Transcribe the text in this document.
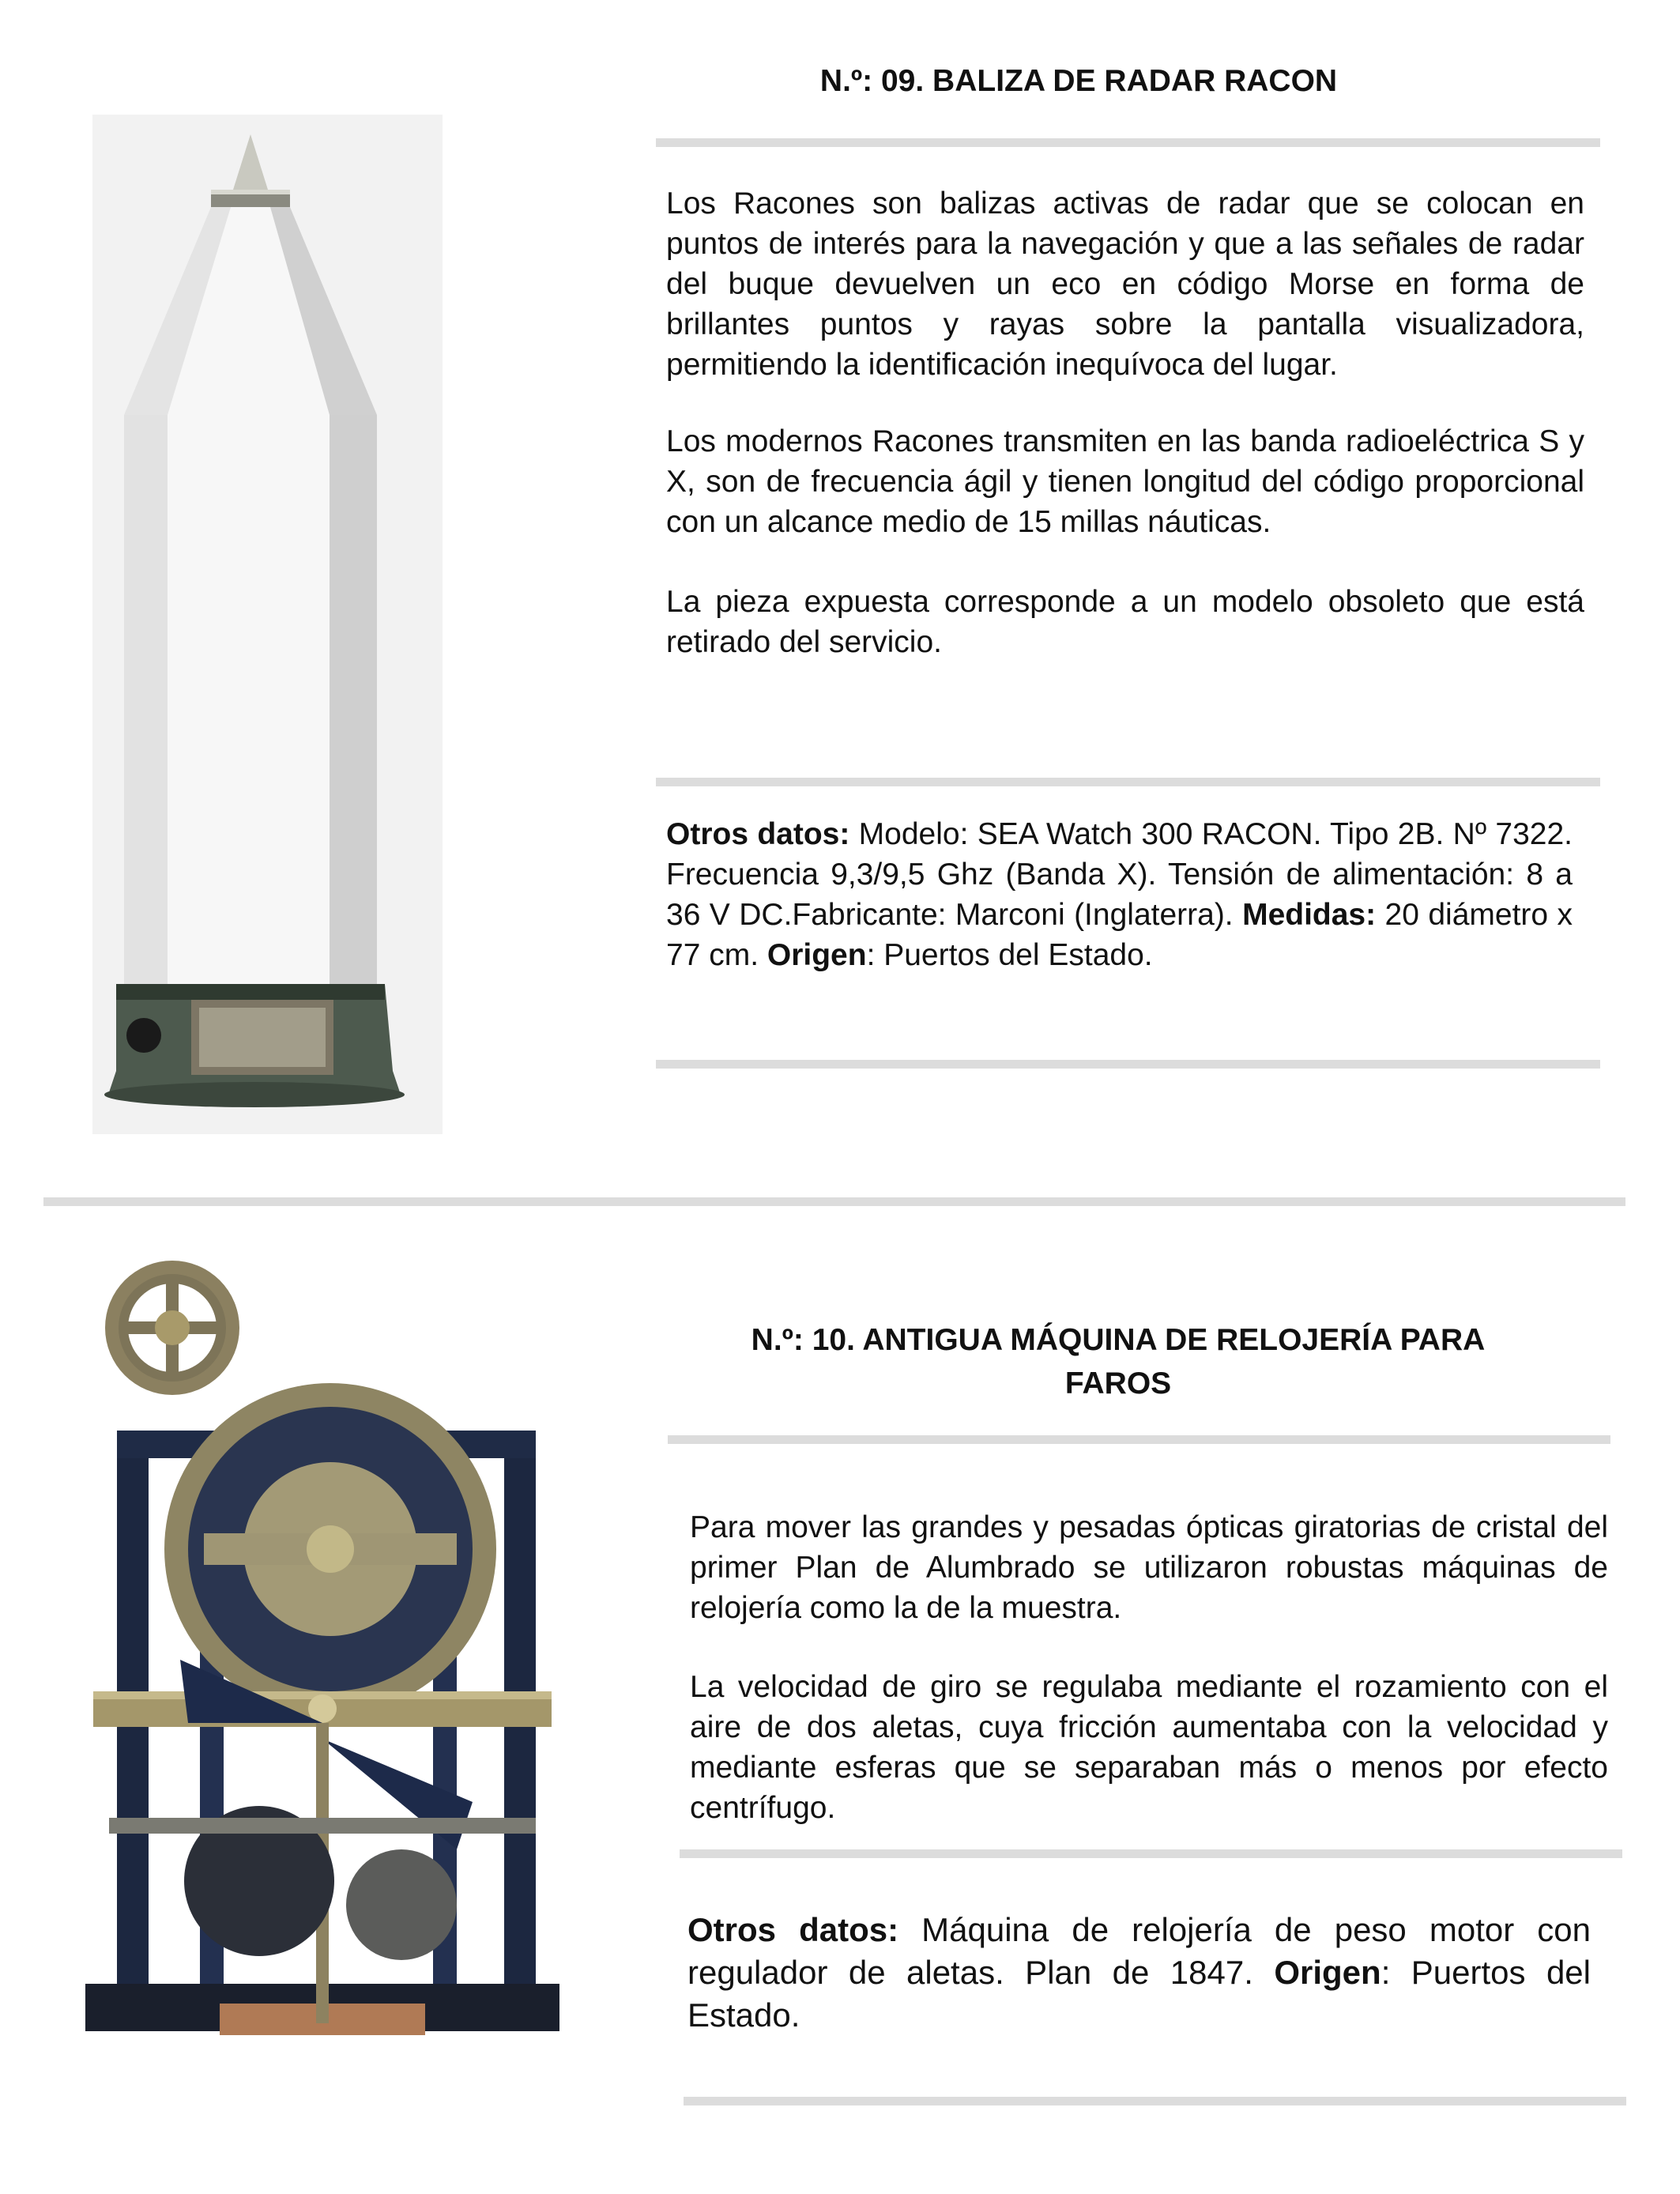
N.º: 09. BALIZA DE RADAR RACON

Los Racones son balizas activas de radar que se colocan en puntos de interés para la navegación y que a las señales de radar del buque devuelven un eco en código Morse en forma de brillantes puntos y rayas sobre la pantalla visualizadora, permitiendo la identificación inequívoca del lugar.

Los modernos Racones transmiten en las banda radioeléctrica S y X, son de frecuencia ágil y tienen longitud del código proporcional con un alcance medio de 15 millas náuticas.

La pieza expuesta corresponde a un modelo obsoleto que está retirado del servicio.

Otros datos: Modelo: SEA Watch 300 RACON. Tipo 2B. Nº 7322. Frecuencia 9,3/9,5 Ghz (Banda X). Tensión de alimentación: 8 a 36 V DC.Fabricante: Marconi (Inglaterra). Medidas: 20 diámetro x 77 cm. Origen: Puertos del Estado.

N.º: 10. ANTIGUA MÁQUINA DE RELOJERÍA PARA
FAROS

Para mover las grandes y pesadas ópticas giratorias de cristal del primer Plan de Alumbrado se utilizaron robustas máquinas de relojería como la de la muestra.

La velocidad de giro se regulaba mediante el rozamiento con el aire de dos aletas, cuya fricción aumentaba con la velocidad y mediante esferas que se separaban más o menos por efecto centrífugo.

Otros datos: Máquina de relojería de peso motor con regulador de aletas. Plan de 1847. Origen: Puertos del Estado.
